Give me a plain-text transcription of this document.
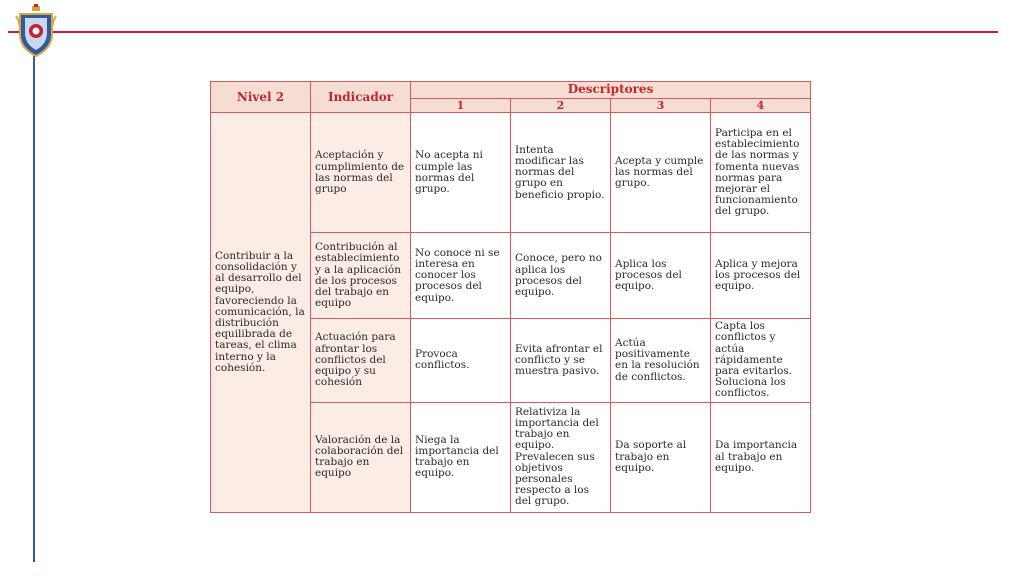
Nivel 2	Indicador	Descriptores			
		1	2	3	4
Contribuir a la consolidación y al desarrollo del equipo, favoreciendo la comunicación, la distribución equilibrada de tareas, el clima interno y la cohesión.	Aceptación y cumplimiento de las normas del grupo	No acepta ni cumple las normas del grupo.	Intenta modificar las normas del grupo en beneficio propio.	Acepta y cumple las normas del grupo.	Participa en el establecimiento de las normas y fomenta nuevas normas para mejorar el funcionamiento del grupo.
	Contribución al establecimiento y a la aplicación de los procesos del trabajo en equipo	No conoce ni se interesa en conocer los procesos del equipo.	Conoce, pero no aplica los procesos del equipo.	Aplica los procesos del equipo.	Aplica y mejora los procesos del equipo.
	Actuación para afrontar los conflictos del equipo y su cohesión	Provoca conflictos.	Evita afrontar el conflicto y se muestra pasivo.	Actúa positivamente en la resolución de conflictos.	Capta los conflictos y actúa rápidamente para evitarlos. Soluciona los conflictos.
	Valoración de la colaboración del trabajo en equipo	Niega la importancia del trabajo en equipo.	Relativiza la importancia del trabajo en equipo. Prevalecen sus objetivos personales respecto a los del grupo.	Da soporte al trabajo en equipo.	Da importancia al trabajo en equipo.
